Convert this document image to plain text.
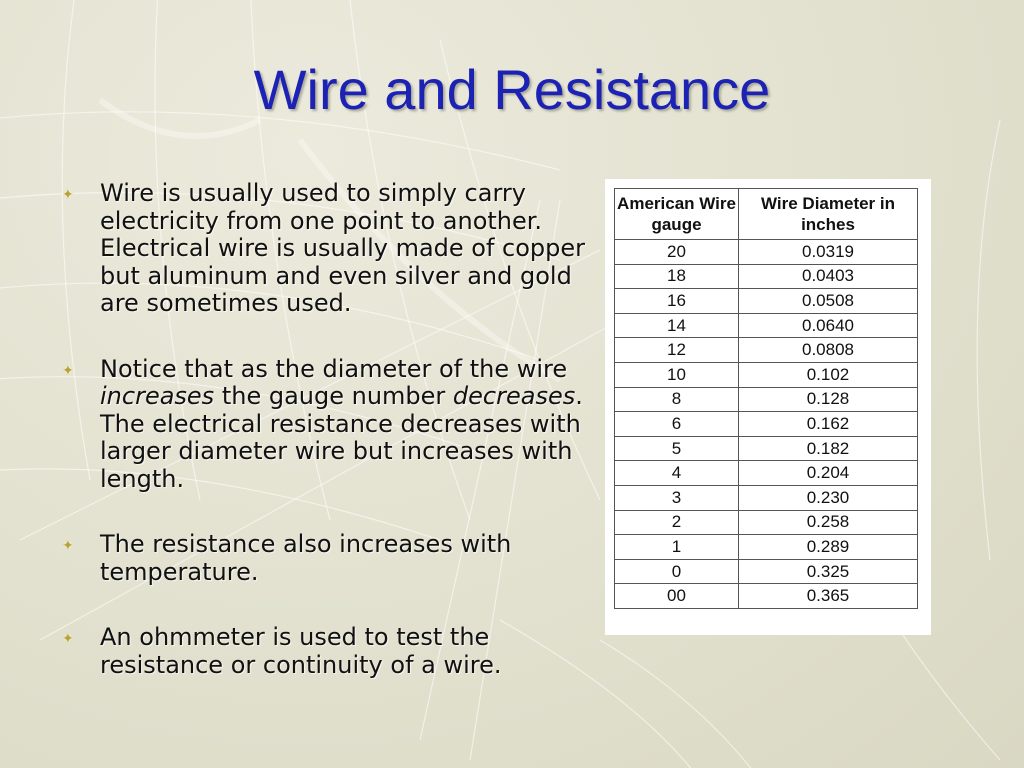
Wire and Resistance
✦ Wire is usually used to simply carry electricity from one point to another. Electrical wire is usually made of copper but aluminum and even silver and gold are sometimes used.
✦ Notice that as the diameter of the wire increases the gauge number decreases. The electrical resistance decreases with larger diameter wire but increases with length.
✦ The resistance also increases with temperature.
✦ An ohmmeter is used to test the resistance or continuity of a wire.
American Wire gauge	Wire Diameter in inches
20	0.0319
18	0.0403
16	0.0508
14	0.0640
12	0.0808
10	0.102
8	0.128
6	0.162
5	0.182
4	0.204
3	0.230
2	0.258
1	0.289
0	0.325
00	0.365
